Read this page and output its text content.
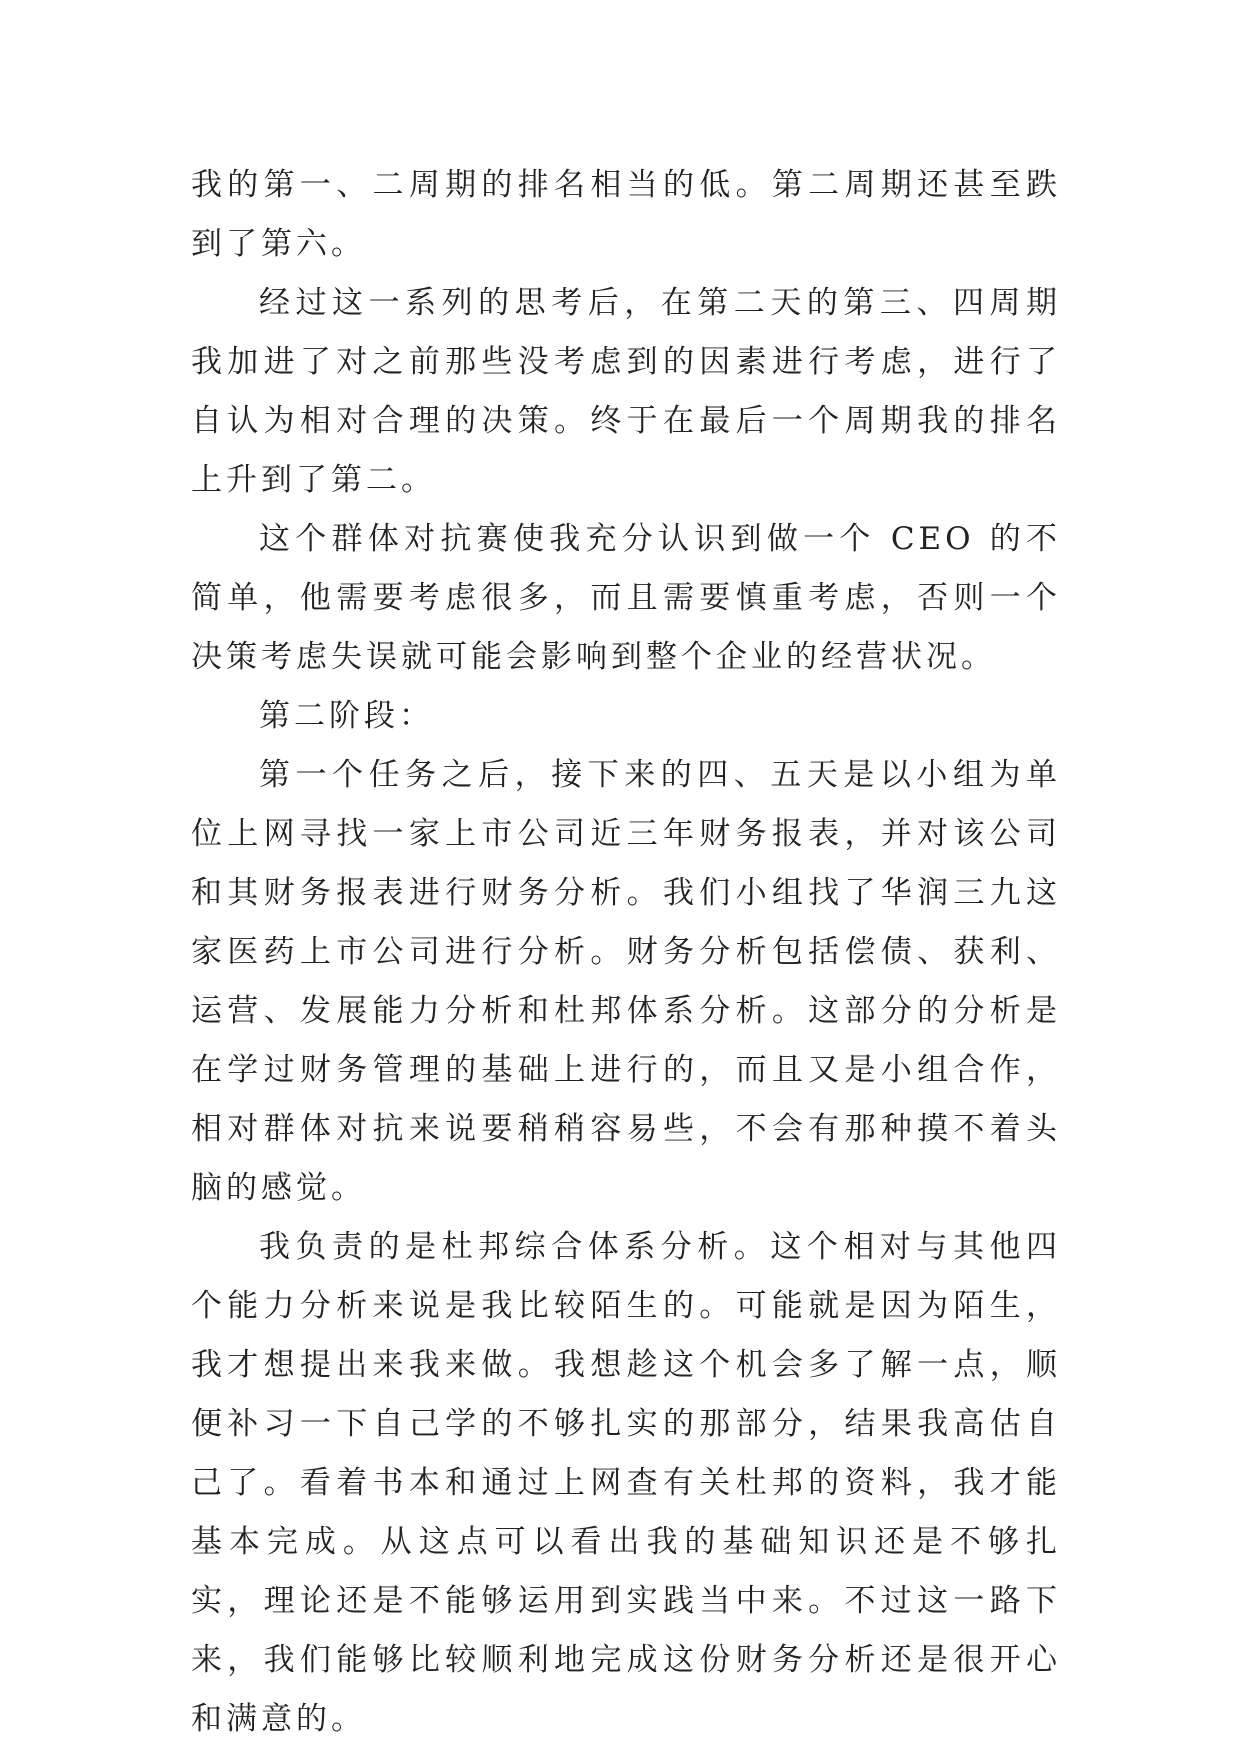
我的第一、二周期的排名相当的低。第二周期还甚至跌到了第六。

经过这一系列的思考后，在第二天的第三、四周期我加进了对之前那些没考虑到的因素进行考虑，进行了自认为相对合理的决策。终于在最后一个周期我的排名上升到了第二。

这个群体对抗赛使我充分认识到做一个 CEO 的不简单，他需要考虑很多，而且需要慎重考虑，否则一个决策考虑失误就可能会影响到整个企业的经营状况。

第二阶段：

第一个任务之后，接下来的四、五天是以小组为单位上网寻找一家上市公司近三年财务报表，并对该公司和其财务报表进行财务分析。我们小组找了华润三九这家医药上市公司进行分析。财务分析包括偿债、获利、运营、发展能力分析和杜邦体系分析。这部分的分析是在学过财务管理的基础上进行的，而且又是小组合作，相对群体对抗来说要稍稍容易些，不会有那种摸不着头脑的感觉。

我负责的是杜邦综合体系分析。这个相对与其他四个能力分析来说是我比较陌生的。可能就是因为陌生，我才想提出来我来做。我想趁这个机会多了解一点，顺便补习一下自己学的不够扎实的那部分，结果我高估自己了。看着书本和通过上网查有关杜邦的资料，我才能基本完成。从这点可以看出我的基础知识还是不够扎实，理论还是不能够运用到实践当中来。不过这一路下来，我们能够比较顺利地完成这份财务分析还是很开心和满意的。
